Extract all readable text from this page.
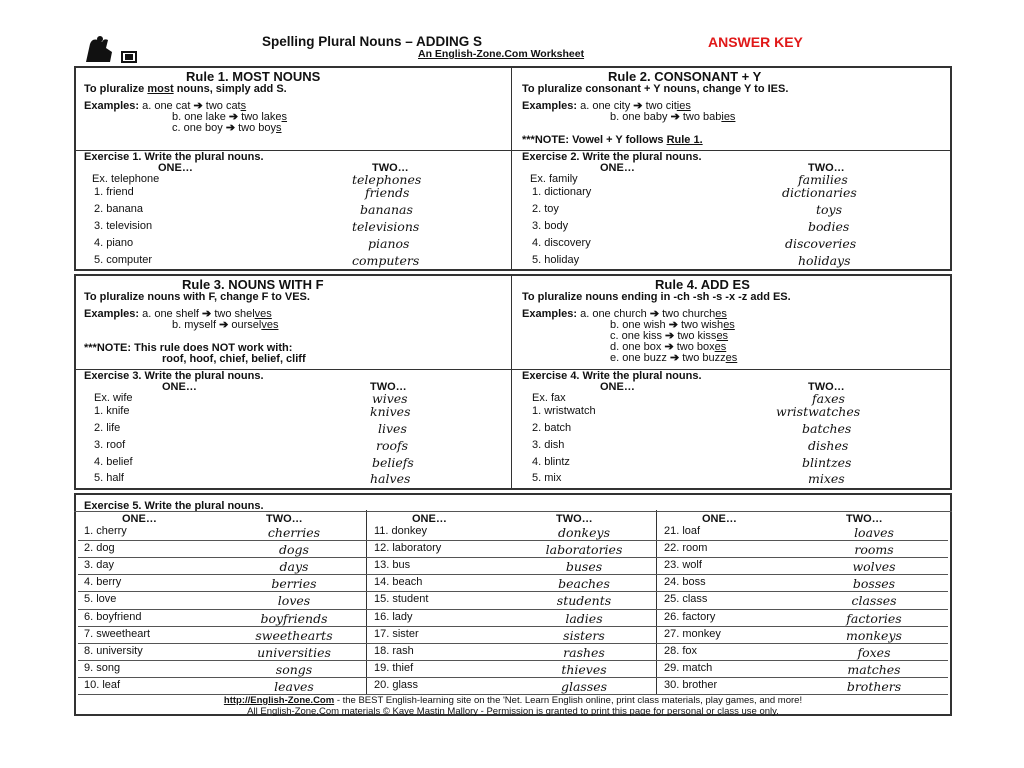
Spelling Plural Nouns – ADDING S
An English-Zone.Com Worksheet
ANSWER KEY
Rule 1. MOST NOUNS
To pluralize most nouns, simply add S.
Examples: a. one cat ➔ two cats
b. one lake ➔ two lakes
c. one boy ➔ two boys
Rule 2. CONSONANT + Y
To pluralize consonant + Y nouns, change Y to IES.
Examples: a. one city ➔ two cities
b. one baby ➔ two babies
***NOTE: Vowel + Y follows Rule 1.
Exercise 1. Write the plural nouns.
ONE…	TWO…
Ex. telephone	telephones
1. friend	friends
2. banana	bananas
3. television	televisions
4. piano	pianos
5. computer	computers
Exercise 2. Write the plural nouns.
ONE…	TWO…
Ex. family	families
1. dictionary	dictionaries
2. toy	toys
3. body	bodies
4. discovery	discoveries
5. holiday	holidays
Rule 3. NOUNS WITH F
To pluralize nouns with F, change F to VES.
Examples: a. one shelf ➔ two shelves
b. myself ➔ ourselves
***NOTE: This rule does NOT work with:
roof, hoof, chief, belief, cliff
Rule 4. ADD ES
To pluralize nouns ending in -ch -sh -s -x -z add ES.
Examples: a. one church ➔ two churches
b. one wish ➔ two wishes
c. one kiss ➔ two kisses
d. one box ➔ two boxes
e. one buzz ➔ two buzzes
Exercise 3. Write the plural nouns.
ONE…	TWO…
Ex. wife	wives
1. knife	knives
2. life	lives
3. roof	roofs
4. belief	beliefs
5. half	halves
Exercise 4. Write the plural nouns.
ONE…	TWO…
Ex. fax	faxes
1. wristwatch	wristwatches
2. batch	batches
3. dish	dishes
4. blintz	blintzes
5. mix	mixes
Exercise 5. Write the plural nouns.
ONE…	TWO…	ONE…	TWO…	ONE…	TWO…
1. cherry	cherries	11. donkey	donkeys	21. loaf	loaves
2. dog	dogs	12. laboratory	laboratories	22. room	rooms
3. day	days	13. bus	buses	23. wolf	wolves
4. berry	berries	14. beach	beaches	24. boss	bosses
5. love	loves	15. student	students	25. class	classes
6. boyfriend	boyfriends	16. lady	ladies	26. factory	factories
7. sweetheart	sweethearts	17. sister	sisters	27. monkey	monkeys
8. university	universities	18. rash	rashes	28. fox	foxes
9. song	songs	19. thief	thieves	29. match	matches
10. leaf	leaves	20. glass	glasses	30. brother	brothers
http://English-Zone.Com - the BEST English-learning site on the 'Net. Learn English online, print class materials, play games, and more!
All English-Zone.Com materials © Kaye Mastin Mallory - Permission is granted to print this page for personal or class use only.
